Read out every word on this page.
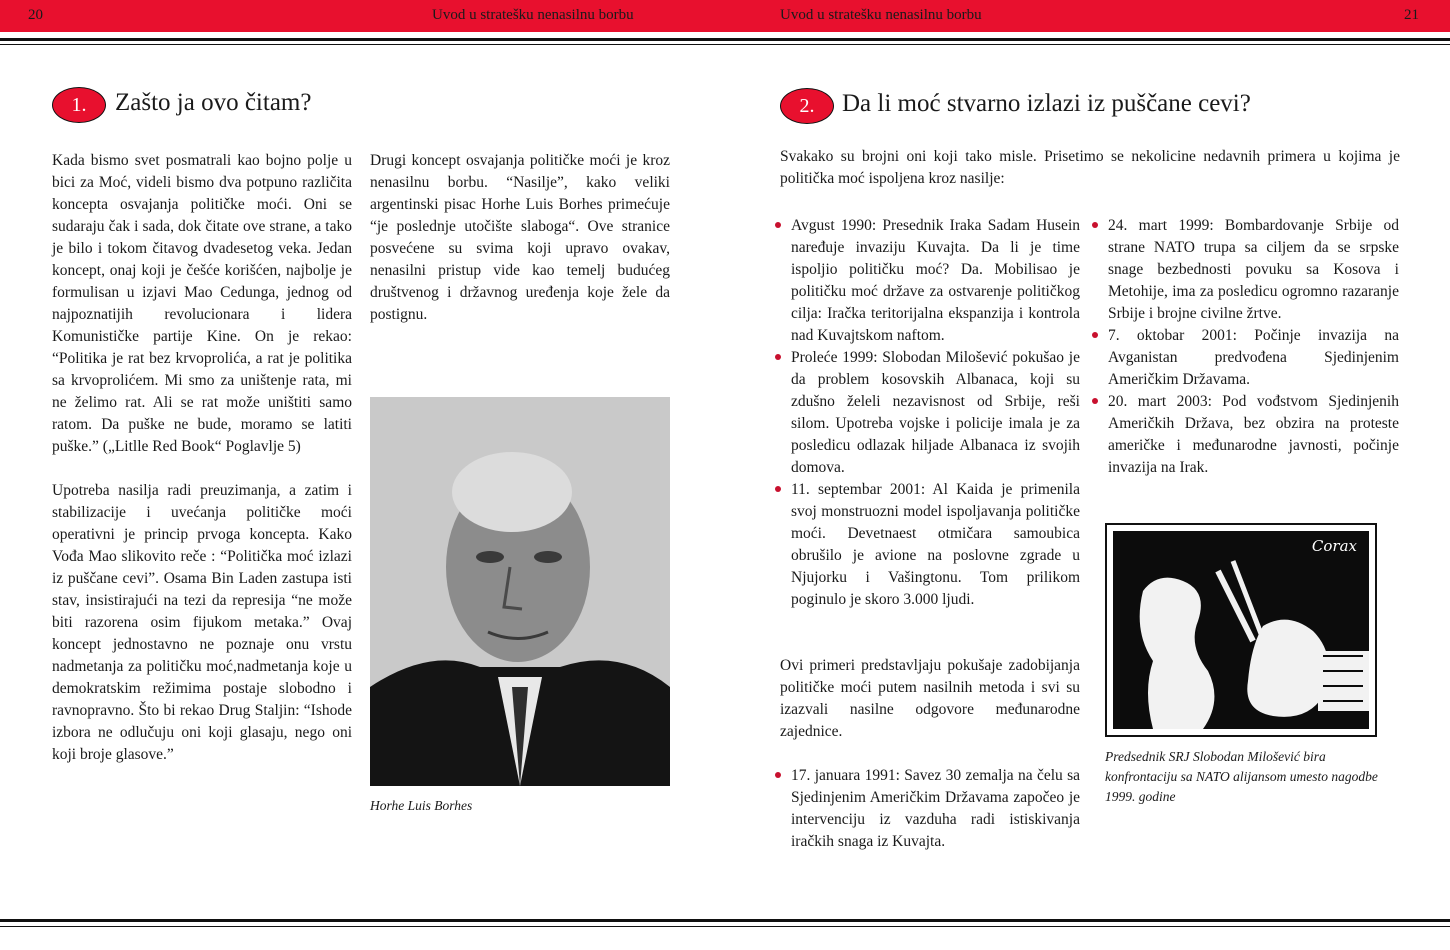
20	Uvod u stratešku nenasilnu borbu	Uvod u stratešku nenasilnu borbu	21
1.	Zašto ja ovo čitam?

Kada bismo svet posmatrali kao bojno polje u bici za Moć, videli bismo dva potpuno različita koncepta osvajanja političke moći. Oni se sudaraju čak i sada, dok čitate ove strane, a tako je bilo i tokom čitavog dvadesetog veka. Jedan koncept, onaj koji je češće korišćen, najbolje je formulisan u izjavi Mao Cedunga, jednog od najpoznatijih revolucionara i lidera Komunističke partije Kine. On je rekao: “Politika je rat bez krvoprolića, a rat je politika sa krvoprolićem. Mi smo za uništenje rata, mi ne želimo rat. Ali se rat može uništiti samo ratom. Da puške ne bude, moramo se latiti puške.” („Litlle Red Book“ Poglavlje 5)

Upotreba nasilja radi preuzimanja, a zatim i stabilizacije i uvećanja političke moći operativni je princip prvoga koncepta. Kako Vođa Mao slikovito reče : “Politička moć izlazi iz puščane cevi”. Osama Bin Laden zastupa isti stav, insistirajući na tezi da represija “ne može biti razorena osim fijukom metaka.” Ovaj koncept jednostavno ne poznaje onu vrstu nadmetanja za političku moć,nadmetanja koje u demokratskim režimima postaje slobodno i ravnopravno. Što bi rekao Drug Staljin: “Ishode izbora ne odlučuju oni koji glasaju, nego oni koji broje glasove.”

Drugi koncept osvajanja političke moći je kroz nenasilnu borbu. “Nasilje”, kako veliki argentinski pisac Horhe Luis Borhes primećuje “je poslednje utočište slaboga“. Ove stranice posvećene su svima koji upravo ovakav, nenasilni pristup vide kao temelj budućeg društvenog i državnog uređenja koje žele da postignu.

Horhe Luis Borhes
2.	Da li moć stvarno izlazi iz puščane cevi?

Svakako su brojni oni koji tako misle. Prisetimo se nekolicine nedavnih primera u kojima je politička moć ispoljena kroz nasilje:

Avgust 1990: Presednik Iraka Sadam Husein naređuje invaziju Kuvajta. Da li je time ispoljio političku moć? Da. Mobilisao je političku moć države za ostvarenje političkog cilja: Iračka teritorijalna ekspanzija i kontrola nad Kuvajtskom naftom.
Proleće 1999: Slobodan Milošević pokušao je da problem kosovskih Albanaca, koji su zdušno želeli nezavisnost od Srbije, reši silom. Upotreba vojske i policije imala je za posledicu odlazak hiljade Albanaca iz svojih domova.
11. septembar 2001: Al Kaida je primenila svoj monstruozni model ispoljavanja političke moći. Devetnaest otmičara samoubica obrušilo je avione na poslovne zgrade u Njujorku i Vašingtonu. Tom prilikom poginulo je skoro 3.000 ljudi.

Ovi primeri predstavljaju pokušaje zadobijanja političke moći putem nasilnih metoda i svi su izazvali nasilne odgovore međunarodne zajednice.

17. januara 1991: Savez 30 zemalja na čelu sa Sjedinjenim Američkim Državama započeo je intervenciju iz vazduha radi istiskivanja iračkih snaga iz Kuvajta.
24. mart 1999: Bombardovanje Srbije od strane NATO trupa sa ciljem da se srpske snage bezbednosti povuku sa Kosova i Metohije, ima za posledicu ogromno razaranje Srbije i brojne civilne žrtve.
7. oktobar 2001: Počinje invazija na Avganistan predvođena Sjedinjenim Američkim Državama.
20. mart 2003: Pod vođstvom Sjedinjenih Američkih Država, bez obzira na proteste američke i međunarodne javnosti, počinje invazija na Irak.
Corax
Predsednik SRJ Slobodan Milošević bira konfrontaciju sa NATO alijansom umesto nagodbe 1999. godine
